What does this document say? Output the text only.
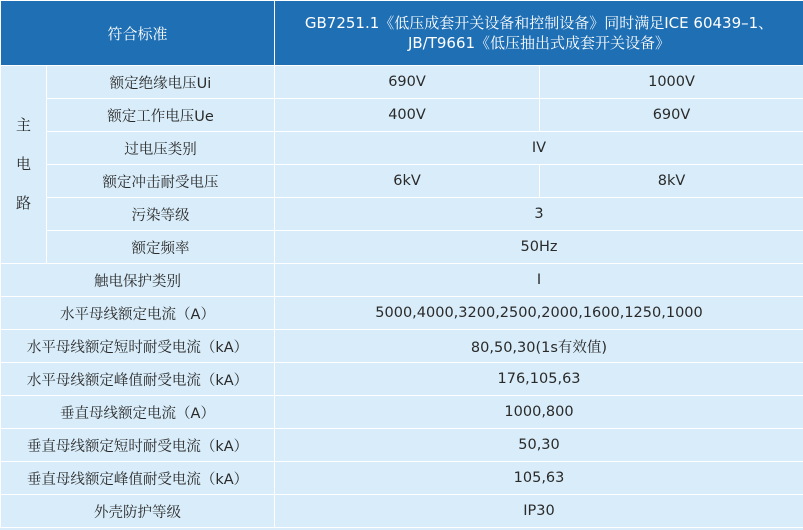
符合标准		GB7251.1《低压成套开关设备和控制设备》同时满足ICE 60439–1、
JB/T9661《低压抽出式成套开关设备》	

主
电
路	额定绝缘电压Ui	690V	1000V
	额定工作电压Ue	400V	690V
	过电压类别	IV	
	额定冲击耐受电压	6kV	8kV
	污染等级	3	
	额定频率	50Hz	
触电保护类别		I	
水平母线额定电流（A）		5000,4000,3200,2500,2000,1600,1250,1000	
水平母线额定短时耐受电流（kA）		80,50,30(1s有效值)	
水平母线额定峰值耐受电流（kA）		176,105,63	
垂直母线额定电流（A）		1000,800	
垂直母线额定短时耐受电流（kA）		50,30	
垂直母线额定峰值耐受电流（kA）		105,63	
外壳防护等级		IP30	
